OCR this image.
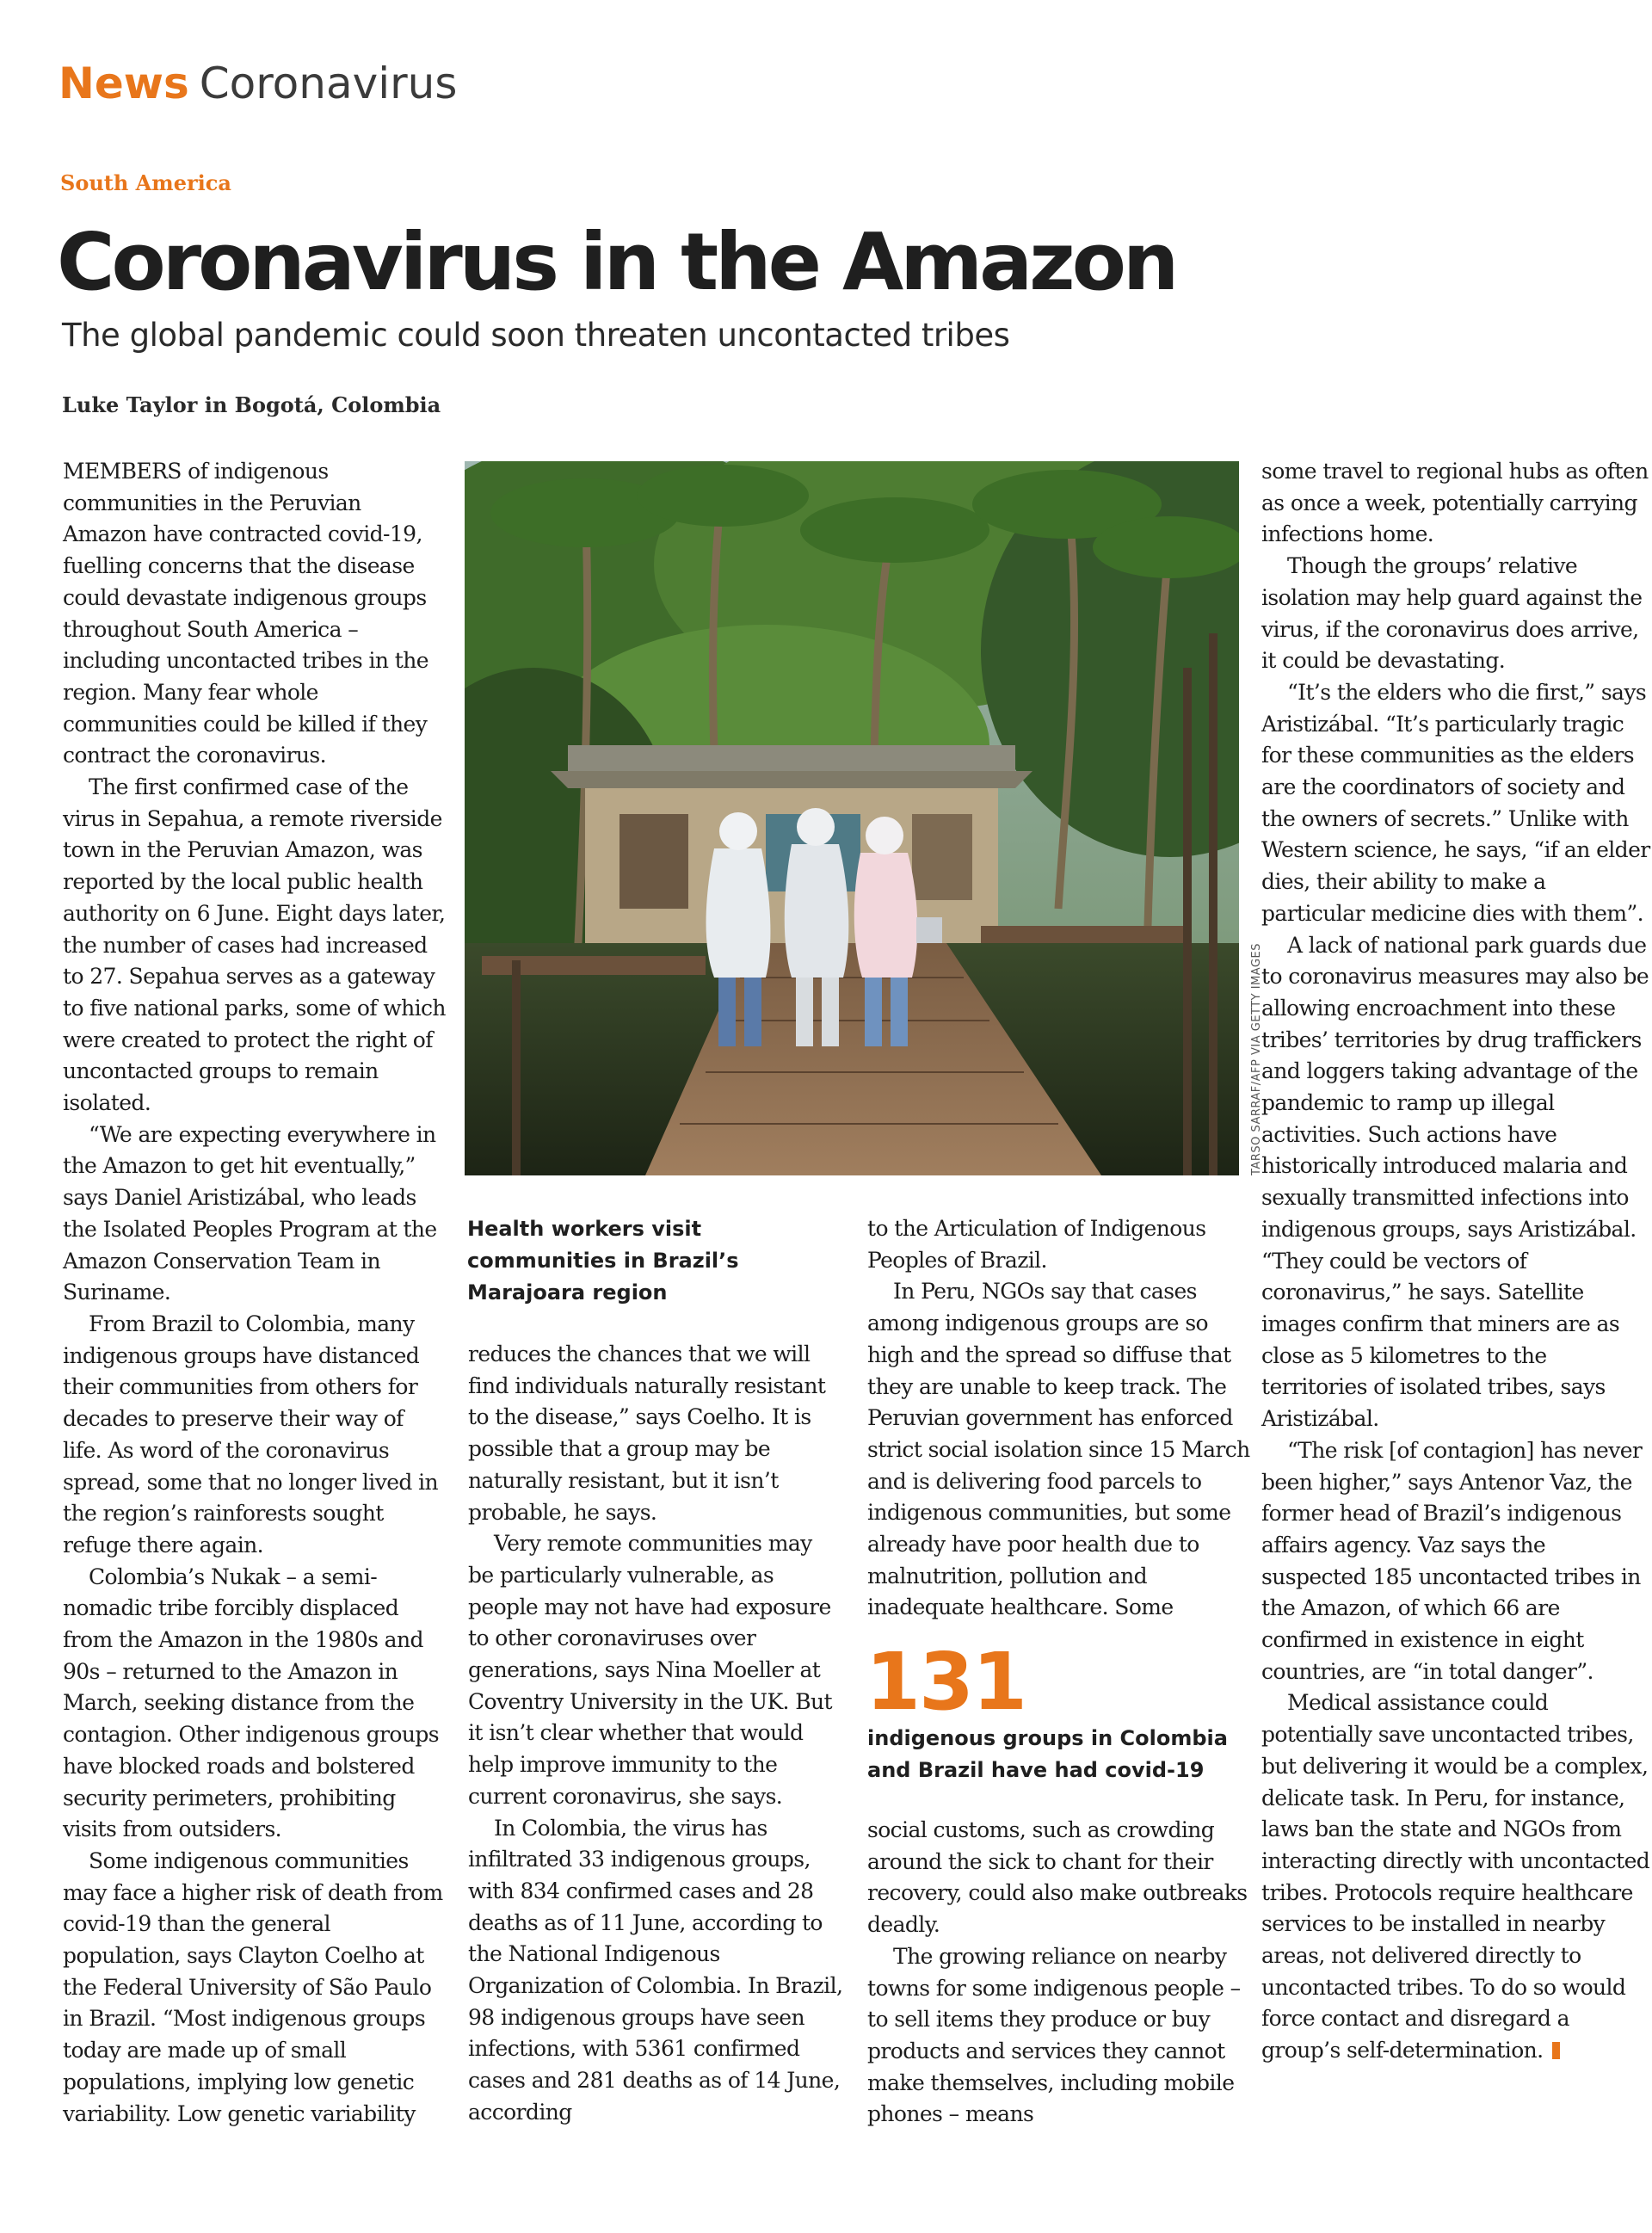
News Coronavirus
South America
Coronavirus in the Amazon

The global pandemic could soon threaten uncontacted tribes

Luke Taylor in Bogotá, Colombia

MEMBERS of indigenous communities in the Peruvian Amazon have contracted covid-19, fuelling concerns that the disease could devastate indigenous groups throughout South America – including uncontacted tribes in the region. Many fear whole communities could be killed if they contract the coronavirus.

The first confirmed case of the virus in Sepahua, a remote riverside town in the Peruvian Amazon, was reported by the local public health authority on 6 June. Eight days later, the number of cases had increased to 27. Sepahua serves as a gateway to five national parks, some of which were created to protect the right of uncontacted groups to remain isolated.

“We are expecting everywhere in the Amazon to get hit eventually,” says Daniel Aristizábal, who leads the Isolated Peoples Program at the Amazon Conservation Team in Suriname.

From Brazil to Colombia, many indigenous groups have distanced their communities from others for decades to preserve their way of life. As word of the coronavirus spread, some that no longer lived in the region’s rainforests sought refuge there again.

Colombia’s Nukak – a semi-nomadic tribe forcibly displaced from the Amazon in the 1980s and 90s – returned to the Amazon in March, seeking distance from the contagion. Other indigenous groups have blocked roads and bolstered security perimeters, prohibiting visits from outsiders.

Some indigenous communities may face a higher risk of death from covid-19 than the general population, says Clayton Coelho at the Federal University of São Paulo in Brazil. “Most indigenous groups today are made up of small populations, implying low genetic variability. Low genetic variability

TARSO SARRAF/AFP VIA GETTY IMAGES
Health workers visit communities in Brazil’s Marajoara region

reduces the chances that we will find individuals naturally resistant to the disease,” says Coelho. It is possible that a group may be naturally resistant, but it isn’t probable, he says.

Very remote communities may be particularly vulnerable, as people may not have had exposure to other coronaviruses over generations, says Nina Moeller at Coventry University in the UK. But it isn’t clear whether that would help improve immunity to the current coronavirus, she says.

In Colombia, the virus has infiltrated 33 indigenous groups, with 834 confirmed cases and 28 deaths as of 11 June, according to the National Indigenous Organization of Colombia. In Brazil, 98 indigenous groups have seen infections, with 5361 confirmed cases and 281 deaths as of 14 June, according

to the Articulation of Indigenous Peoples of Brazil.

In Peru, NGOs say that cases among indigenous groups are so high and the spread so diffuse that they are unable to keep track. The Peruvian government has enforced strict social isolation since 15 March and is delivering food parcels to indigenous communities, but some already have poor health due to malnutrition, pollution and inadequate healthcare. Some

131
indigenous groups in Colombia and Brazil have had covid-19

social customs, such as crowding around the sick to chant for their recovery, could also make outbreaks deadly.

The growing reliance on nearby towns for some indigenous people – to sell items they produce or buy products and services they cannot make themselves, including mobile phones – means

some travel to regional hubs as often as once a week, potentially carrying infections home.

Though the groups’ relative isolation may help guard against the virus, if the coronavirus does arrive, it could be devastating.

“It’s the elders who die first,” says Aristizábal. “It’s particularly tragic for these communities as the elders are the coordinators of society and the owners of secrets.” Unlike with Western science, he says, “if an elder dies, their ability to make a particular medicine dies with them”.

A lack of national park guards due to coronavirus measures may also be allowing encroachment into these tribes’ territories by drug traffickers and loggers taking advantage of the pandemic to ramp up illegal activities. Such actions have historically introduced malaria and sexually transmitted infections into indigenous groups, says Aristizábal. “They could be vectors of coronavirus,” he says. Satellite images confirm that miners are as close as 5 kilometres to the territories of isolated tribes, says Aristizábal.

“The risk [of contagion] has never been higher,” says Antenor Vaz, the former head of Brazil’s indigenous affairs agency. Vaz says the suspected 185 uncontacted tribes in the Amazon, of which 66 are confirmed in existence in eight countries, are “in total danger”.

Medical assistance could potentially save uncontacted tribes, but delivering it would be a complex, delicate task. In Peru, for instance, laws ban the state and NGOs from interacting directly with uncontacted tribes. Protocols require healthcare services to be installed in nearby areas, not delivered directly to uncontacted tribes. To do so would force contact and disregard a group’s self-determination.
